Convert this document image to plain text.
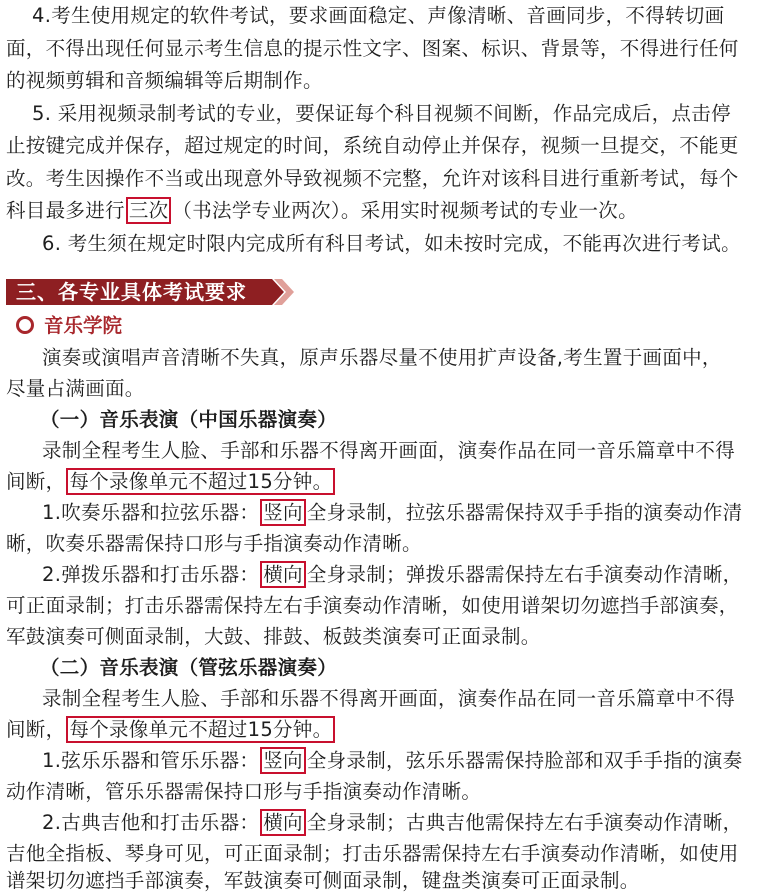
4.考生使用规定的软件考试，要求画面稳定、声像清晰、音画同步，不得转切画
面，不得出现任何显示考生信息的提示性文字、图案、标识、背景等，不得进行任何
的视频剪辑和音频编辑等后期制作。
5. 采用视频录制考试的专业，要保证每个科目视频不间断，作品完成后，点击停
止按键完成并保存，超过规定的时间，系统自动停止并保存，视频一旦提交，不能更
改。考生因操作不当或出现意外导致视频不完整，允许对该科目进行重新考试，每个
科目最多进行 三次 （书法学专业两次）。采用实时视频考试的专业一次。
6. 考生须在规定时限内完成所有科目考试，如未按时完成，不能再次进行考试。
三、各专业具体考试要求
音乐学院
演奏或演唱声音清晰不失真，原声乐器尽量不使用扩声设备,考生置于画面中，
尽量占满画面。
（一）音乐表演（中国乐器演奏）
录制全程考生人脸、手部和乐器不得离开画面，演奏作品在同一音乐篇章中不得
间断， 每个录像单元不超过15分钟。
1.吹奏乐器和拉弦乐器： 竖向 全身录制，拉弦乐器需保持双手手指的演奏动作清
晰，吹奏乐器需保持口形与手指演奏动作清晰。
2.弹拨乐器和打击乐器： 横向 全身录制；弹拨乐器需保持左右手演奏动作清晰，
可正面录制；打击乐器需保持左右手演奏动作清晰，如使用谱架切勿遮挡手部演奏，
军鼓演奏可侧面录制，大鼓、排鼓、板鼓类演奏可正面录制。
（二）音乐表演（管弦乐器演奏）
录制全程考生人脸、手部和乐器不得离开画面，演奏作品在同一音乐篇章中不得
间断， 每个录像单元不超过15分钟。
1.弦乐乐器和管乐乐器： 竖向 全身录制，弦乐乐器需保持脸部和双手手指的演奏
动作清晰，管乐乐器需保持口形与手指演奏动作清晰。
2.古典吉他和打击乐器： 横向 全身录制；古典吉他需保持左右手演奏动作清晰，
吉他全指板、琴身可见，可正面录制；打击乐器需保持左右手演奏动作清晰，如使用
谱架切勿遮挡手部演奏，军鼓演奏可侧面录制，键盘类演奏可正面录制。
